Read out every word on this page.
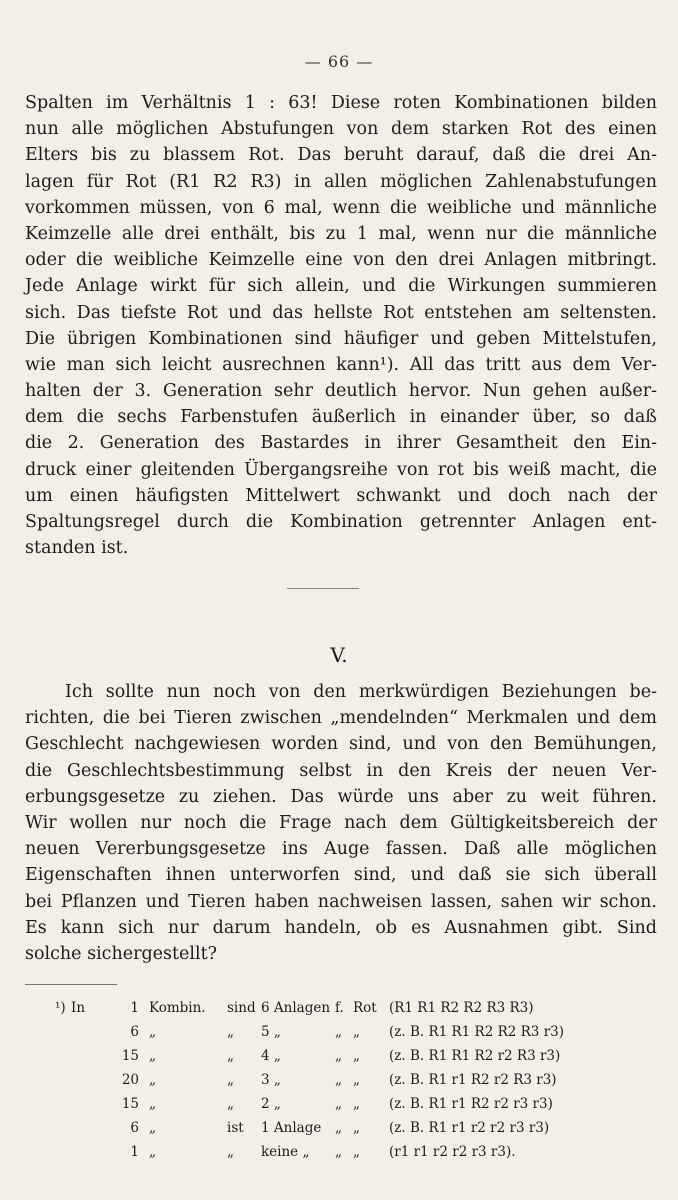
— 66 —
Spalten im Verhältnis 1 : 63! Diese roten Kombinationen bilden
nun alle möglichen Abstufungen von dem starken Rot des einen
Elters bis zu blassem Rot. Das beruht darauf, daß die drei An-
lagen für Rot (R1 R2 R3) in allen möglichen Zahlenabstufungen
vorkommen müssen, von 6 mal, wenn die weibliche und männliche
Keimzelle alle drei enthält, bis zu 1 mal, wenn nur die männliche
oder die weibliche Keimzelle eine von den drei Anlagen mitbringt.
Jede Anlage wirkt für sich allein, und die Wirkungen summieren
sich. Das tiefste Rot und das hellste Rot entstehen am seltensten.
Die übrigen Kombinationen sind häufiger und geben Mittelstufen,
wie man sich leicht ausrechnen kann¹). All das tritt aus dem Ver-
halten der 3. Generation sehr deutlich hervor. Nun gehen außer-
dem die sechs Farbenstufen äußerlich in einander über, so daß
die 2. Generation des Bastardes in ihrer Gesamtheit den Ein-
druck einer gleitenden Übergangsreihe von rot bis weiß macht, die
um einen häufigsten Mittelwert schwankt und doch nach der
Spaltungsregel durch die Kombination getrennter Anlagen ent-
standen ist.
V.
Ich sollte nun noch von den merkwürdigen Beziehungen be-
richten, die bei Tieren zwischen „mendelnden“ Merkmalen und dem
Geschlecht nachgewiesen worden sind, und von den Bemühungen,
die Geschlechtsbestimmung selbst in den Kreis der neuen Ver-
erbungsgesetze zu ziehen. Das würde uns aber zu weit führen.
Wir wollen nur noch die Frage nach dem Gültigkeitsbereich der
neuen Vererbungsgesetze ins Auge fassen. Daß alle möglichen
Eigenschaften ihnen unterworfen sind, und daß sie sich überall
bei Pflanzen und Tieren haben nachweisen lassen, sahen wir schon.
Es kann sich nur darum handeln, ob es Ausnahmen gibt. Sind
solche sichergestellt?
¹) In	1 Kombin. sind 6 Anlagen f. Rot (R1 R1 R2 R2 R3 R3)
6 „	„ 5 „	„ „ (z. B. R1 R1 R2 R2 R3 r3)
15 „	„ 4 „	„ „ (z. B. R1 R1 R2 r2 R3 r3)
20 „	„ 3 „	„ „ (z. B. R1 r1 R2 r2 R3 r3)
15 „	„ 2 „	„ „ (z. B. R1 r1 R2 r2 r3 r3)
6 „	ist 1 Anlage „ „ (z. B. R1 r1 r2 r2 r3 r3)
1 „	„ keine „ „ „ (r1 r1 r2 r2 r3 r3).
